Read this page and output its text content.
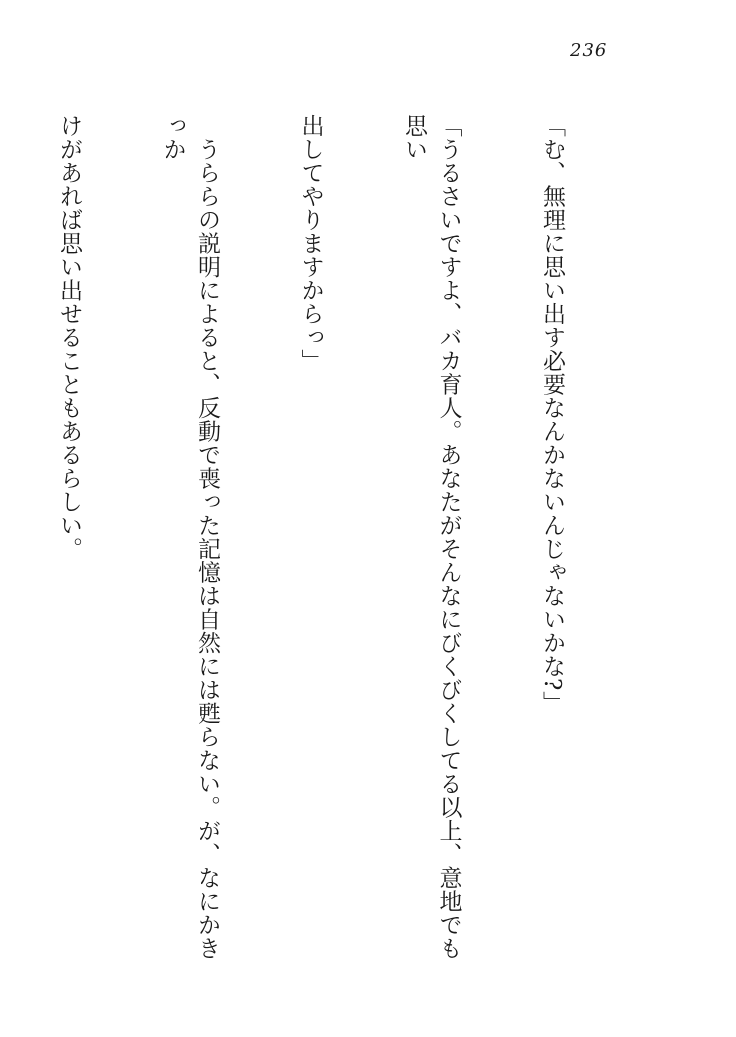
236

「む、無理に思い出す必要なんかないんじゃないかな?」

「うるさいですよ、バカ育人。あなたがそんなにびくびくしてる以上、意地でも思い

出してやりますからっ」

　うららの説明によると、反動で喪った記憶は自然には甦らない。が、なにかきっか

けがあれば思い出せることもあるらしい。
